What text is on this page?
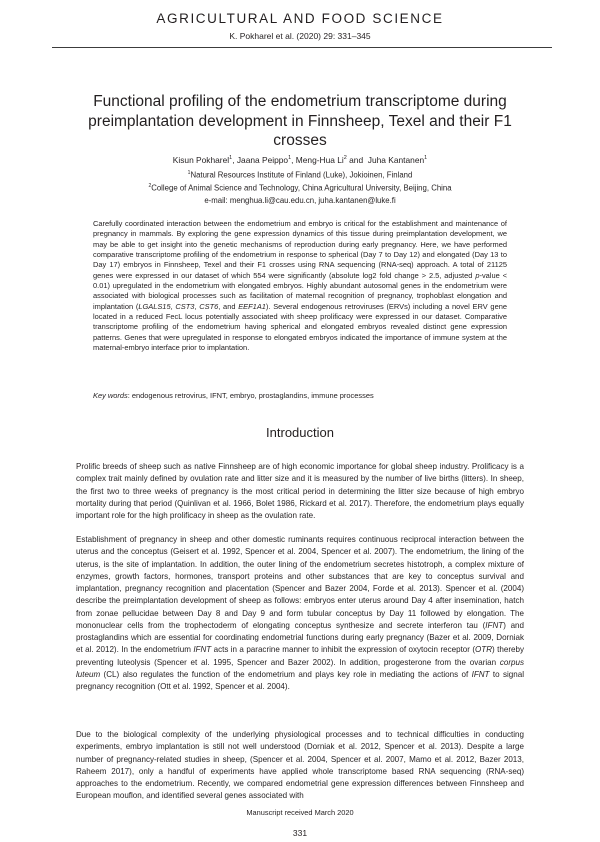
AGRICULTURAL AND FOOD SCIENCE
K. Pokharel et al. (2020) 29: 331–345
Functional profiling of the endometrium transcriptome during preimplantation development in Finnsheep, Texel and their F1 crosses
Kisun Pokharel$^1$, Jaana Peippo$^1$, Meng-Hua Li$^2$ and  Juha Kantanen$^1$
$^1$Natural Resources Institute of Finland (Luke), Jokioinen, Finland
$^2$College of Animal Science and Technology, China Agricultural University, Beijing, China
e-mail: menghua.li@cau.edu.cn, juha.kantanen@luke.fi
Carefully coordinated interaction between the endometrium and embryo is critical for the establishment and maintenance of pregnancy in mammals. By exploring the gene expression dynamics of this tissue during preimplantation development, we may be able to get insight into the genetic mechanisms of reproduction during early pregnancy. Here, we have performed comparative transcriptome profiling of the endometrium in response to spherical (Day 7 to Day 12) and elongated (Day 13 to Day 17) embryos in Finnsheep, Texel and their F1 crosses using RNA sequencing (RNA-seq) approach. A total of 21125 genes were expressed in our dataset of which 554 were significantly (absolute log2 fold change > 2.5, adjusted p-value < 0.01) upregulated in the endometrium with elongated embryos. Highly abundant autosomal genes in the endometrium were associated with biological processes such as facilitation of maternal recognition of pregnancy, trophoblast elongation and implantation (LGALS15, CST3, CST6, and EEF1A1). Several endogenous retroviruses (ERVs) including a novel ERV gene located in a reduced FecL locus potentially associated with sheep prolificacy were expressed in our dataset. Comparative transcriptome profiling of the endometrium having spherical and elongated embryos revealed distinct gene expression patterns. Genes that were upregulated in response to elongated embryos indicated the importance of immune system at the maternal-embryo interface prior to implantation.
Key words: endogenous retrovirus, IFNT, embryo, prostaglandins, immune processes
Introduction

Prolific breeds of sheep such as native Finnsheep are of high economic importance for global sheep industry. Prolificacy is a complex trait mainly defined by ovulation rate and litter size and it is measured by the number of live births (litters). In sheep, the first two to three weeks of pregnancy is the most critical period in determining the litter size because of high embryo mortality during that period (Quinlivan et al. 1966, Bolet 1986, Rickard et al. 2017). Therefore, the endometrium plays equally important role for the high prolificacy in sheep as the ovulation rate.

Establishment of pregnancy in sheep and other domestic ruminants requires continuous reciprocal interaction between the uterus and the conceptus (Geisert et al. 1992, Spencer et al. 2004, Spencer et al. 2007). The endometrium, the lining of the uterus, is the site of implantation. In addition, the outer lining of the endometrium secretes histotroph, a complex mixture of enzymes, growth factors, hormones, transport proteins and other substances that are key to conceptus survival and implantation, pregnancy recognition and placentation (Spencer and Bazer 2004, Forde et al. 2013). Spencer et al. (2004) describe the preimplantation development of sheep as follows: embryos enter uterus around Day 4 after insemination, hatch from zonae pellucidae between Day 8 and Day 9 and form tubular conceptus by Day 11 followed by elongation. The mononuclear cells from the trophectoderm of elongating conceptus synthesize and secrete interferon tau (IFNT) and prostaglandins which are essential for coordinating endometrial functions during early pregnancy (Bazer et al. 2009, Dorniak et al. 2012). In the endometrium IFNT acts in a paracrine manner to inhibit the expression of oxytocin receptor (OTR) thereby preventing luteolysis (Spencer et al. 1995, Spencer and Bazer 2002). In addition, progesterone from the ovarian corpus luteum (CL) also regulates the function of the endometrium and plays key role in mediating the actions of IFNT to signal pregnancy recognition (Ott et al. 1992, Spencer et al. 2004).

Due to the biological complexity of the underlying physiological processes and to technical difficulties in conducting experiments, embryo implantation is still not well understood (Dorniak et al. 2012, Spencer et al. 2013). Despite a large number of pregnancy-related studies in sheep, (Spencer et al. 2004, Spencer et al. 2007, Mamo et al. 2012, Bazer 2013, Raheem 2017), only a handful of experiments have applied whole transcriptome based RNA sequencing (RNA-seq) approaches to the endometrium. Recently, we compared endometrial gene expression differences between Finnsheep and European mouflon, and identified several genes associated with

Manuscript received March 2020
331
